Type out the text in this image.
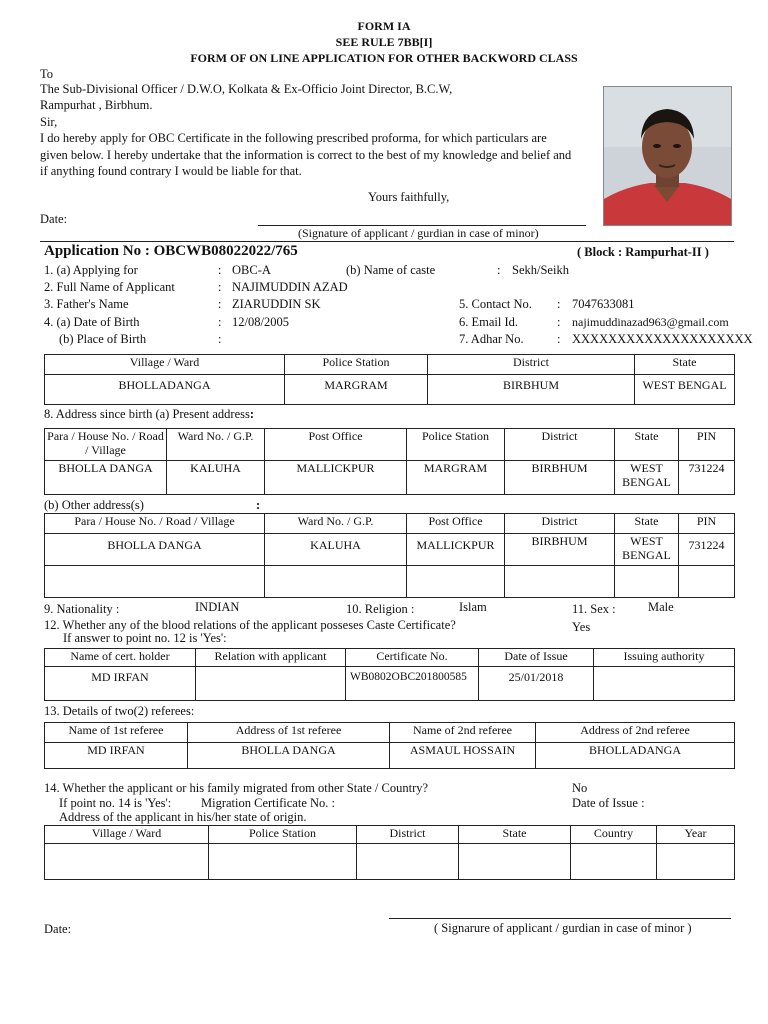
FORM IA
SEE RULE 7BB[I]
FORM OF ON LINE APPLICATION FOR OTHER BACKWORD CLASS
To
The Sub-Divisional Officer / D.W.O, Kolkata & Ex-Officio Joint Director, B.C.W,
Rampurhat , Birbhum.
Sir,
I do hereby apply for OBC Certificate in the following prescribed proforma, for which particulars are
given below. I hereby undertake that the information is correct to the best of my knowledge and belief and
if anything found contrary I would be liable for that.
Yours faithfully,
Date:
(Signature of applicant / gurdian in case of minor)
Application No : OBCWB08022022/765	( Block : Rampurhat-II )
1. (a) Applying for	: OBC-A	(b) Name of caste	: Sekh/Seikh
2. Full Name of Applicant	: NAJIMUDDIN AZAD
3. Father's Name	: ZIARUDDIN SK	5. Contact No. : 7047633081
4. (a) Date of Birth	: 12/08/2005	6. Email Id.	: najimuddinazad963@gmail.com
(b) Place of Birth	:	7. Adhar No.	: XXXXXXXXXXXXXXXXXXXX
Village / Ward	Police Station	District	State
BHOLLADANGA	MARGRAM	BIRBHUM	WEST BENGAL
8. Address since birth (a) Present address:
Para / House No. / Road / Village	Ward No. / G.P.	Post Office	Police Station	District	State	PIN
BHOLLA DANGA	KALUHA	MALLICKPUR	MARGRAM	BIRBHUM	WEST BENGAL	731224
(b) Other address(s)	:
Para / House No. / Road / Village	Ward No. / G.P.	Post Office	District	State	PIN
BHOLLA DANGA	KALUHA	MALLICKPUR	BIRBHUM	WEST BENGAL	731224

9. Nationality :	INDIAN	10. Religion :	Islam	11. Sex :	Male
12. Whether any of the blood relations of the applicant posseses Caste Certificate?	Yes
If answer to point no. 12 is 'Yes':
Name of cert. holder	Relation with applicant	Certificate No.	Date of Issue	Issuing authority
MD IRFAN		WB0802OBC201800585	25/01/2018	
13. Details of two(2) referees:
Name of 1st referee	Address of 1st referee	Name of 2nd referee	Address of 2nd referee
MD IRFAN	BHOLLA DANGA	ASMAUL HOSSAIN	BHOLLADANGA
14. Whether the applicant or his family migrated from other State / Country?	No
If point no. 14 is 'Yes': Migration Certificate No. :	Date of Issue :
Address of the applicant in his/her state of origin.
Village / Ward	Police Station	District	State	Country	Year

Date:	( Signarure of applicant / gurdian in case of minor )
